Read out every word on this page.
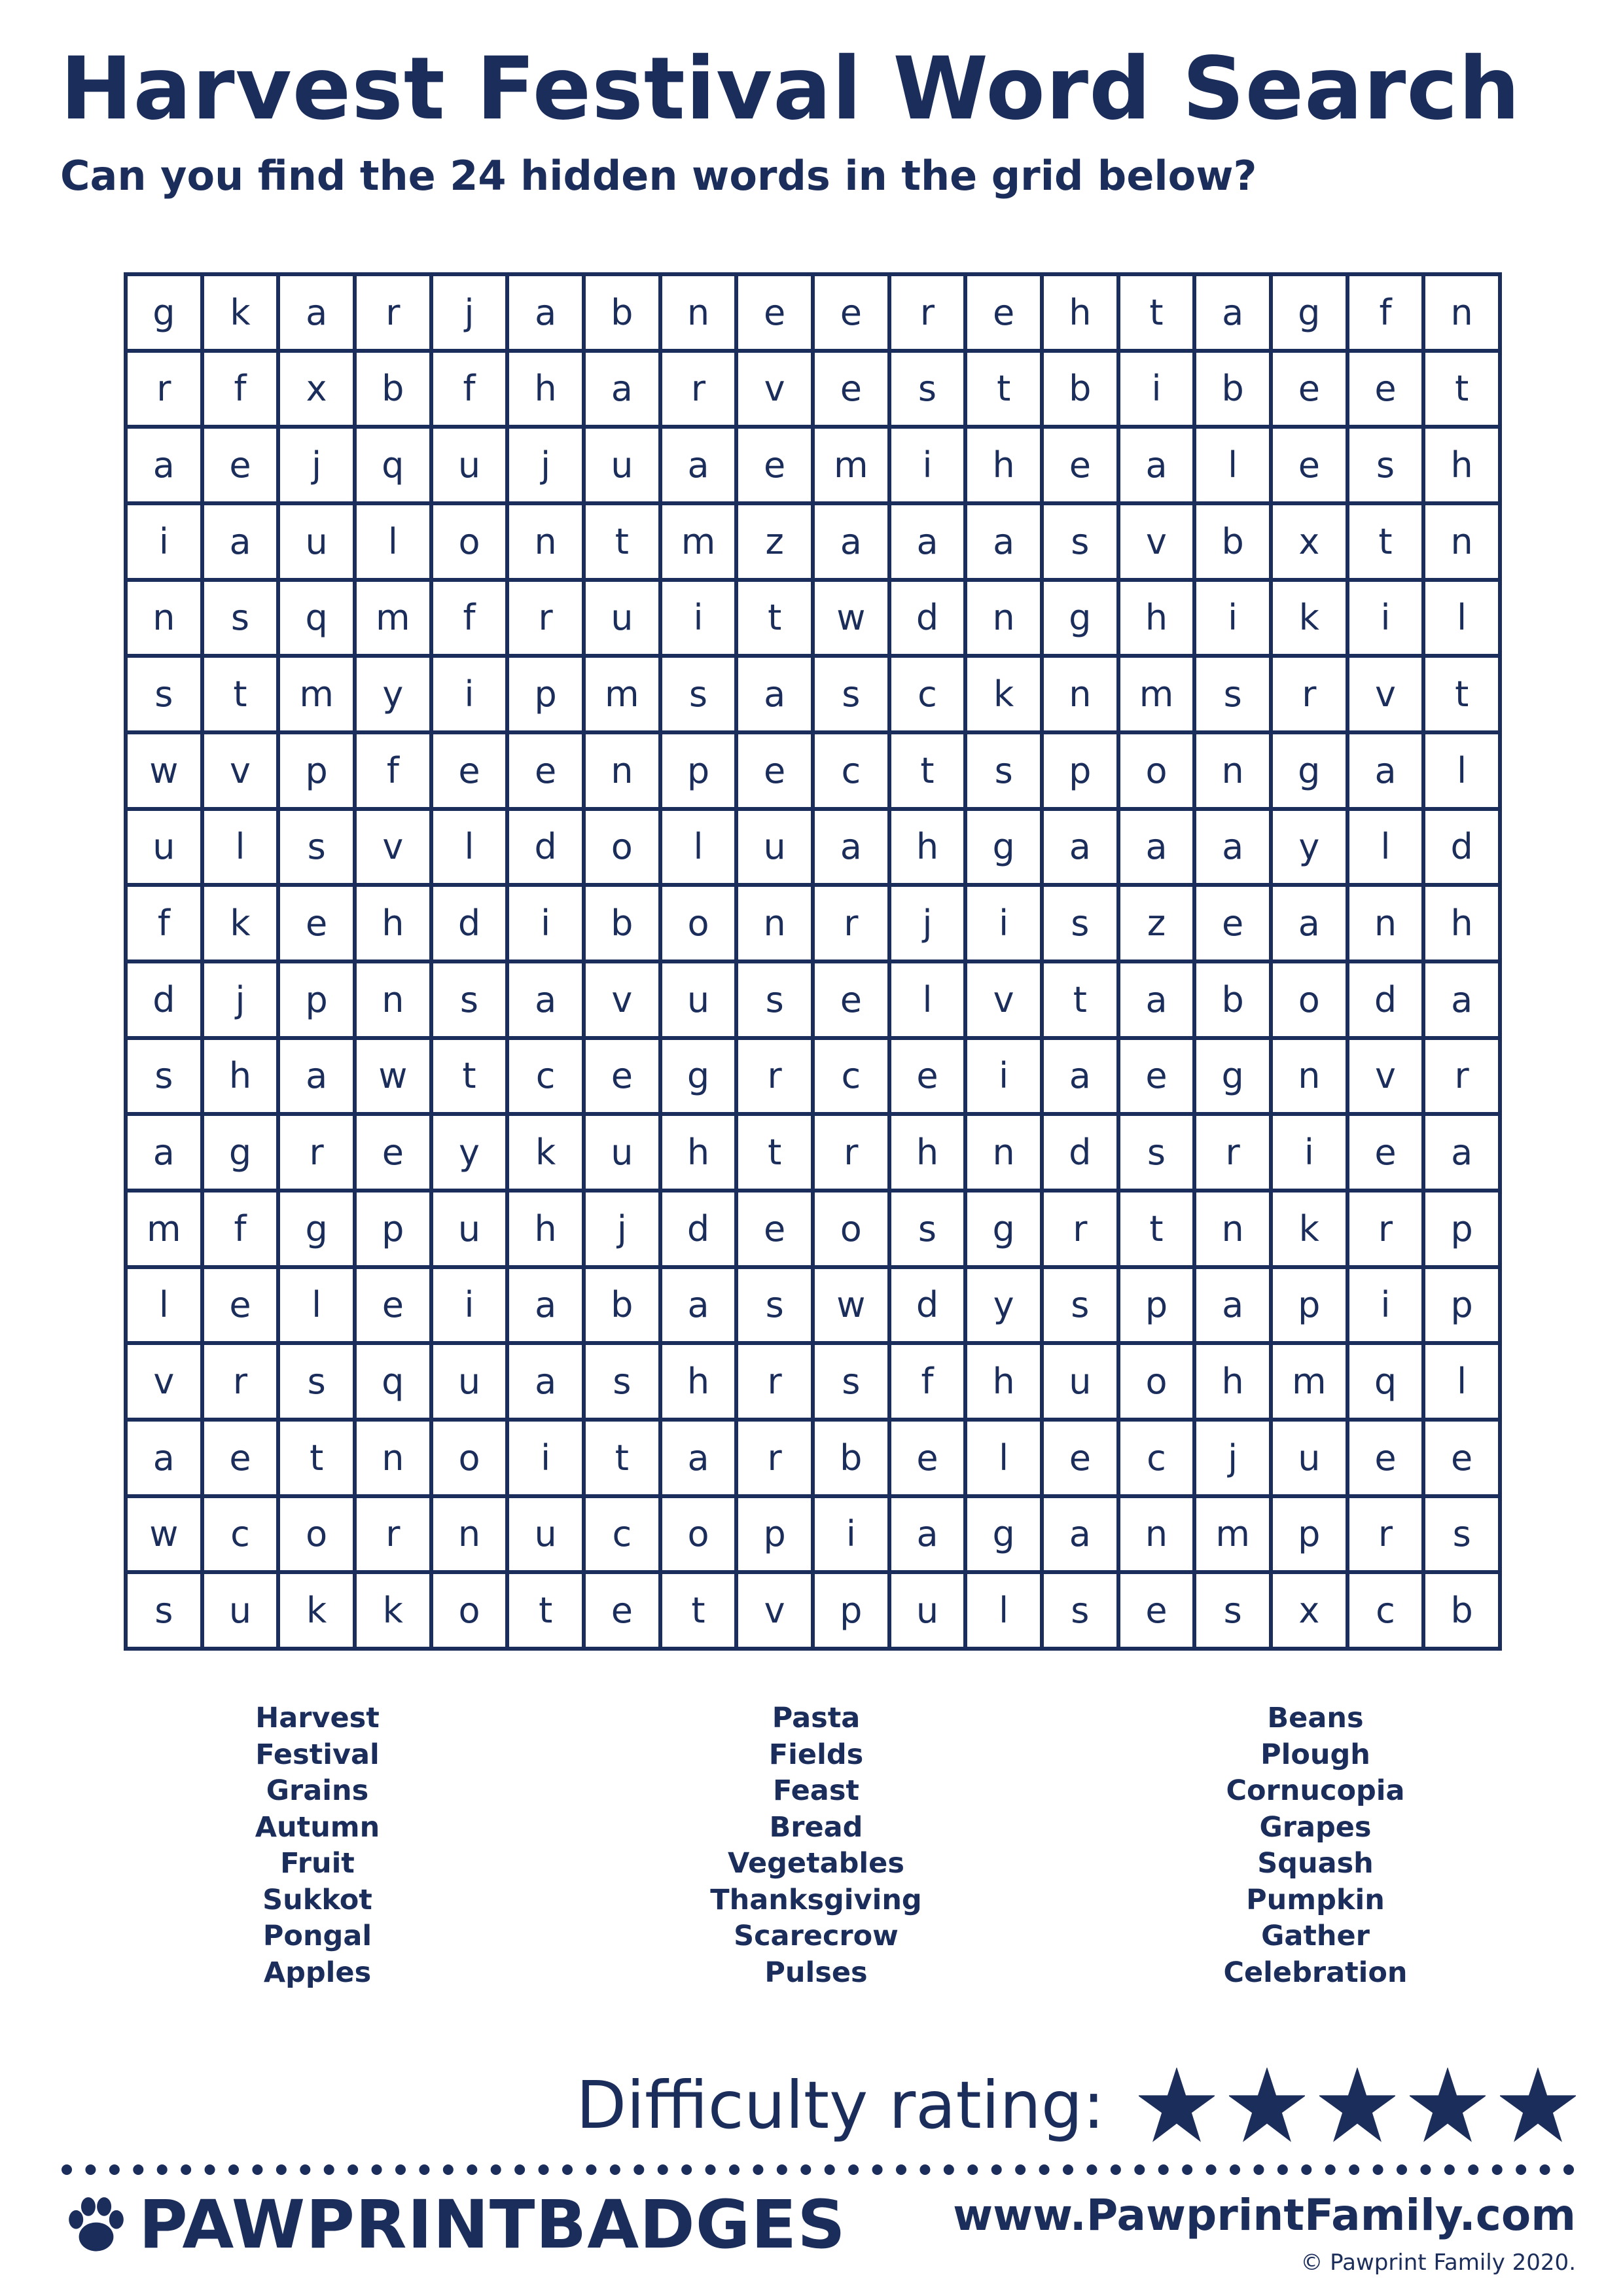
Harvest Festival Word Search
Can you find the 24 hidden words in the grid below?
g	k	a	r	j	a	b	n	e	e	r	e	h	t	a	g	f	n
r	f	x	b	f	h	a	r	v	e	s	t	b	i	b	e	e	t
a	e	j	q	u	j	u	a	e	m	i	h	e	a	l	e	s	h
i	a	u	l	o	n	t	m	z	a	a	a	s	v	b	x	t	n
n	s	q	m	f	r	u	i	t	w	d	n	g	h	i	k	i	l
s	t	m	y	i	p	m	s	a	s	c	k	n	m	s	r	v	t
w	v	p	f	e	e	n	p	e	c	t	s	p	o	n	g	a	l
u	l	s	v	l	d	o	l	u	a	h	g	a	a	a	y	l	d
f	k	e	h	d	i	b	o	n	r	j	i	s	z	e	a	n	h
d	j	p	n	s	a	v	u	s	e	l	v	t	a	b	o	d	a
s	h	a	w	t	c	e	g	r	c	e	i	a	e	g	n	v	r
a	g	r	e	y	k	u	h	t	r	h	n	d	s	r	i	e	a
m	f	g	p	u	h	j	d	e	o	s	g	r	t	n	k	r	p
l	e	l	e	i	a	b	a	s	w	d	y	s	p	a	p	i	p
v	r	s	q	u	a	s	h	r	s	f	h	u	o	h	m	q	l
a	e	t	n	o	i	t	a	r	b	e	l	e	c	j	u	e	e
w	c	o	r	n	u	c	o	p	i	a	g	a	n	m	p	r	s
s	u	k	k	o	t	e	t	v	p	u	l	s	e	s	x	c	b
Harvest
Festival
Grains
Autumn
Fruit
Sukkot
Pongal
Apples
Pasta
Fields
Feast
Bread
Vegetables
Thanksgiving
Scarecrow
Pulses
Beans
Plough
Cornucopia
Grapes
Squash
Pumpkin
Gather
Celebration
Difficulty rating:
PAWPRINTBADGES www.PawprintFamily.com
© Pawprint Family 2020.
